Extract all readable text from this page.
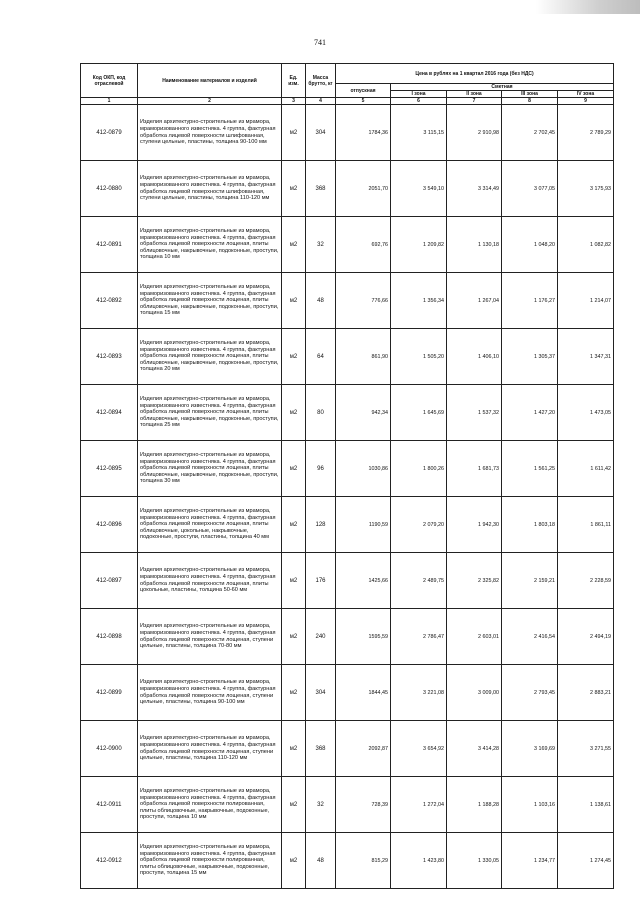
741
Код ОКП, код отраслевой	Наименование материалов и изделий	Ед. изм.	Масса брутто, кг	Цена в рублях на 1 квартал 2016 года (без НДС)				
				отпускная	Сметная			
					I зона	II зона	III зона	IV зона
1	2	3	4	5	6	7	8	9
412-0879	Изделия архитектурно-строительные из мрамора, мраморизованного известняка. 4 группа, фактурная обработка лицевой поверхности шлифованная, ступени цельные, пластины, толщина 90-100 мм	м2	304	1784,36	3 115,15	2 910,98	2 702,45	2 789,29
412-0880	Изделия архитектурно-строительные из мрамора, мраморизованного известняка. 4 группа, фактурная обработка лицевой поверхности шлифованная, ступени цельные, пластины, толщина 110-120 мм	м2	368	2051,70	3 549,10	3 314,49	3 077,05	3 175,93
412-0891	Изделия архитектурно-строительные из мрамора, мраморизованного известняка. 4 группа, фактурная обработка лицевой поверхности лощеная, плиты облицовочные, накрывочные, подоконные, проступи, толщина 10 мм	м2	32	692,76	1 209,82	1 130,18	1 048,20	1 082,82
412-0892	Изделия архитектурно-строительные из мрамора, мраморизованного известняка. 4 группа, фактурная обработка лицевой поверхности лощеная, плиты облицовочные, накрывочные, подоконные, проступи, толщина 15 мм	м2	48	776,66	1 356,34	1 267,04	1 176,27	1 214,07
412-0893	Изделия архитектурно-строительные из мрамора, мраморизованного известняка. 4 группа, фактурная обработка лицевой поверхности лощеная, плиты облицовочные, накрывочные, подоконные, проступи, толщина 20 мм	м2	64	861,90	1 505,20	1 406,10	1 305,37	1 347,31
412-0894	Изделия архитектурно-строительные из мрамора, мраморизованного известняка. 4 группа, фактурная обработка лицевой поверхности лощеная, плиты облицовочные, накрывочные, подоконные, проступи, толщина 25 мм	м2	80	942,34	1 645,69	1 537,32	1 427,20	1 473,05
412-0895	Изделия архитектурно-строительные из мрамора, мраморизованного известняка. 4 группа, фактурная обработка лицевой поверхности лощеная, плиты облицовочные, накрывочные, подоконные, проступи, толщина 30 мм	м2	96	1030,86	1 800,26	1 681,73	1 561,25	1 611,42
412-0896	Изделия архитектурно-строительные из мрамора, мраморизованного известняка. 4 группа, фактурная обработка лицевой поверхности лощеная, плиты облицовочные, цокольные, накрывочные, подоконные, проступи, пластины, толщина 40 мм	м2	128	1190,59	2 079,20	1 942,30	1 803,18	1 861,11
412-0897	Изделия архитектурно-строительные из мрамора, мраморизованного известняка. 4 группа, фактурная обработка лицевой поверхности лощеная, плиты цокольные, пластины, толщина 50-60 мм	м2	176	1425,66	2 489,75	2 325,82	2 159,21	2 228,59
412-0898	Изделия архитектурно-строительные из мрамора, мраморизованного известняка. 4 группа, фактурная обработка лицевой поверхности лощеная, ступени цельные, пластины, толщина 70-80 мм	м2	240	1595,59	2 786,47	2 603,01	2 416,54	2 494,19
412-0899	Изделия архитектурно-строительные из мрамора, мраморизованного известняка. 4 группа, фактурная обработка лицевой поверхности лощеная, ступени цельные, пластины, толщина 90-100 мм	м2	304	1844,45	3 221,08	3 009,00	2 793,45	2 883,21
412-0900	Изделия архитектурно-строительные из мрамора, мраморизованного известняка. 4 группа, фактурная обработка лицевой поверхности лощеная, ступени цельные, пластины, толщина 110-120 мм	м2	368	2092,87	3 654,92	3 414,28	3 169,69	3 271,55
412-0911	Изделия архитектурно-строительные из мрамора, мраморизованного известняка. 4 группа, фактурная обработка лицевой поверхности полированная, плиты облицовочные, накрывочные, подоконные, проступи, толщина 10 мм	м2	32	728,39	1 272,04	1 188,28	1 103,16	1 138,61
412-0912	Изделия архитектурно-строительные из мрамора, мраморизованного известняка. 4 группа, фактурная обработка лицевой поверхности полированная, плиты облицовочные, накрывочные, подоконные, проступи, толщина 15 мм	м2	48	815,29	1 423,80	1 330,05	1 234,77	1 274,45
